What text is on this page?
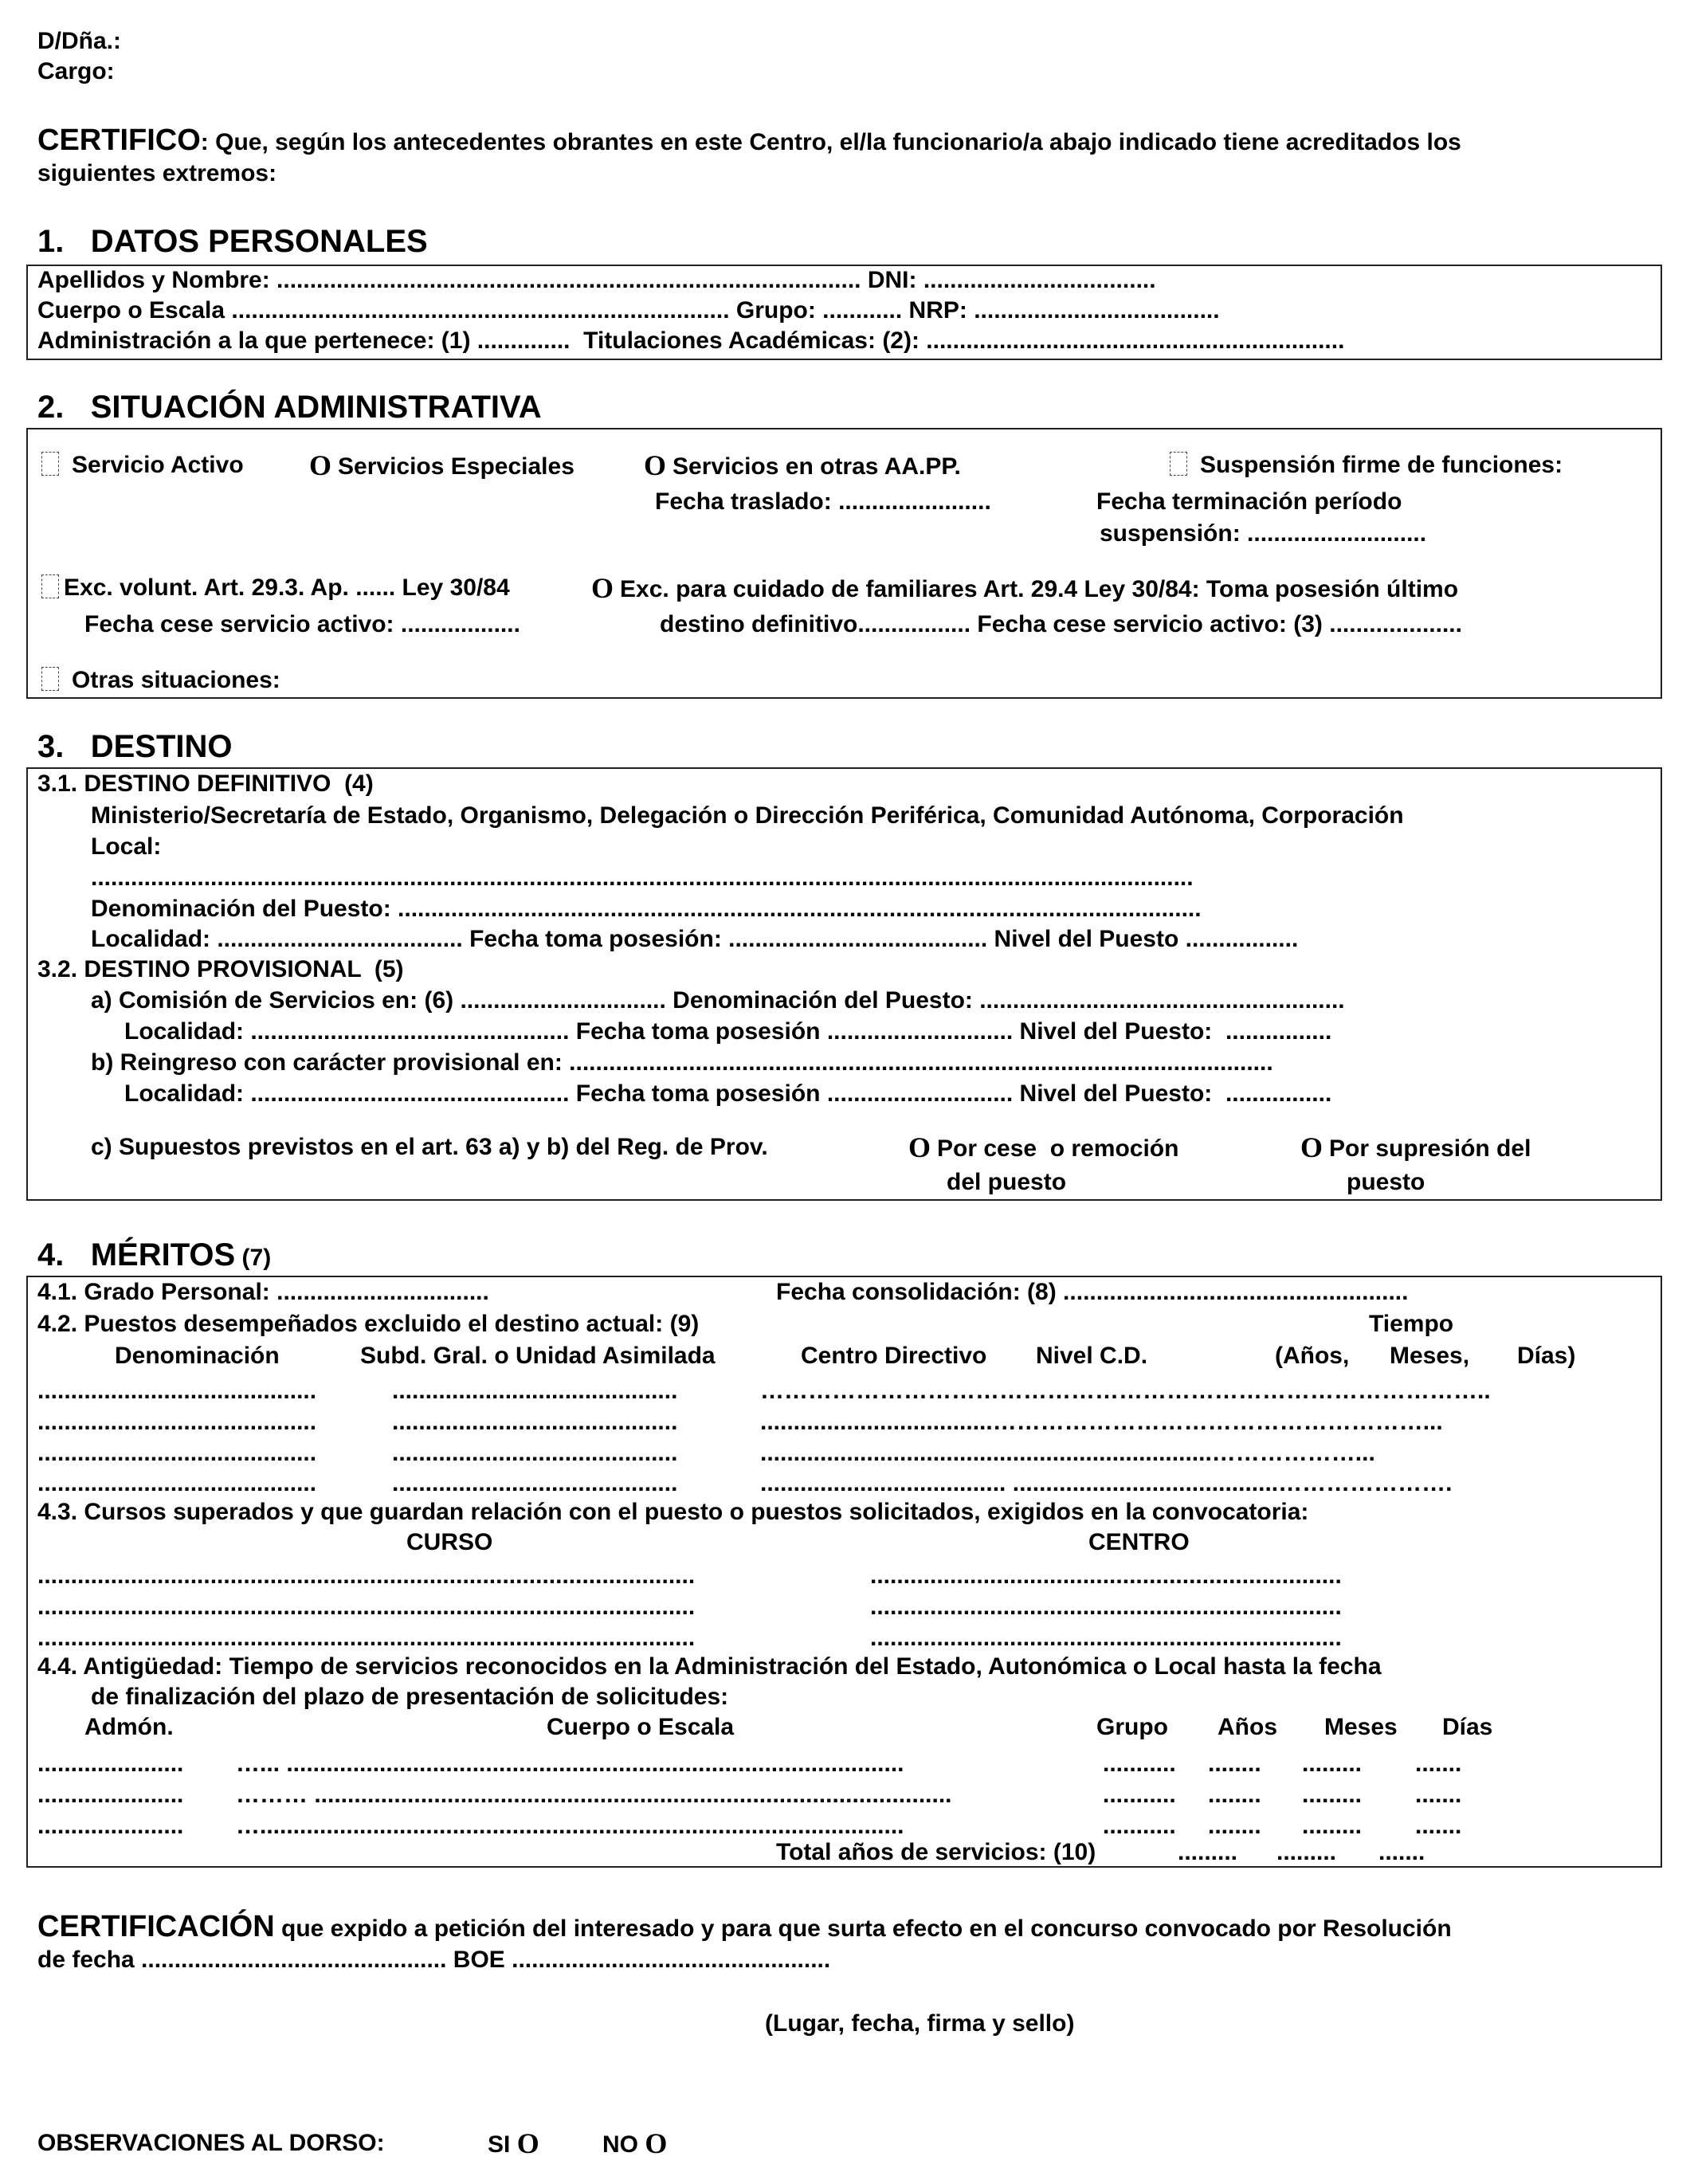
D/Dña.:
Cargo:
CERTIFICO: Que, según los antecedentes obrantes en este Centro, el/la funcionario/a abajo indicado tiene acreditados los
siguientes extremos:
1.   DATOS PERSONALES
Apellidos y Nombre: ........................................................................................ DNI: ...................................
Cuerpo o Escala ........................................................................... Grupo: ............ NRP: .....................................
Administración a la que pertenece: (1) ..............  Titulaciones Académicas: (2): ...............................................................
2.   SITUACIÓN ADMINISTRATIVA
Servicio Activo O Servicios Especiales O Servicios en otras AA.PP.	Suspensión firme de funciones:
Fecha traslado: .......................	Fecha terminación período
suspensión: ...........................
Exc. volunt. Art. 29.3. Ap. ...... Ley 30/84	O Exc. para cuidado de familiares Art. 29.4 Ley 30/84: Toma posesión último
Fecha cese servicio activo: ..................	destino definitivo................. Fecha cese servicio activo: (3) ....................
Otras situaciones:
3.   DESTINO
3.1. DESTINO DEFINITIVO  (4)
Ministerio/Secretaría de Estado, Organismo, Delegación o Dirección Periférica, Comunidad Autónoma, Corporación
Local:
......................................................................................................................................................................
Denominación del Puesto: .........................................................................................................................
Localidad: ..................................... Fecha toma posesión: ....................................... Nivel del Puesto .................
3.2. DESTINO PROVISIONAL  (5)
a) Comisión de Servicios en: (6) ............................... Denominación del Puesto: .......................................................
Localidad: ................................................ Fecha toma posesión ............................ Nivel del Puesto:  ................
b) Reingreso con carácter provisional en: ..........................................................................................................
Localidad: ................................................ Fecha toma posesión ............................ Nivel del Puesto:  ................
c) Supuestos previstos en el art. 63 a) y b) del Reg. de Prov.	O Por cese  o remoción
del puesto
O Por supresión del
puesto
4.   MÉRITOS (7)
4.1. Grado Personal: ................................	Fecha consolidación: (8) ....................................................
4.2. Puestos desempeñados excluido el destino actual: (9)	Tiempo
Denominación	Subd. Gral. o Unidad Asimilada	Centro Directivo Nivel C.D.	(Años, Meses, Días)
..........................................	...........................................	………………………………………………………………………………..
..........................................	...........................................	...................................………………………………………………...
..........................................	...........................................	....................................................................………………...
..........................................	...........................................	..................................... ........................................………………….
4.3. Cursos superados y que guardan relación con el puesto o puestos solicitados, exigidos en la convocatoria:
CURSO	CENTRO
...................................................................................................	.......................................................................
...................................................................................................	.......................................................................
...................................................................................................	.......................................................................
4.4. Antigüedad: Tiempo de servicios reconocidos en la Administración del Estado, Autonómica o Local hasta la fecha
de finalización del plazo de presentación de solicitudes:
Admón.	Cuerpo o Escala	Grupo Años Meses Días
...................... …... .............................................................................................	........... ........ ......... .......
...................... ……… ................................................................................................	........... ........ ......... .......
...................... ….................................................................................................	........... ........ ......... .......
Total años de servicios: (10)	......... ......... .......
CERTIFICACIÓN que expido a petición del interesado y para que surta efecto en el concurso convocado por Resolución
de fecha .............................................. BOE ................................................
(Lugar, fecha, firma y sello)
OBSERVACIONES AL DORSO:	SI O	NO O
